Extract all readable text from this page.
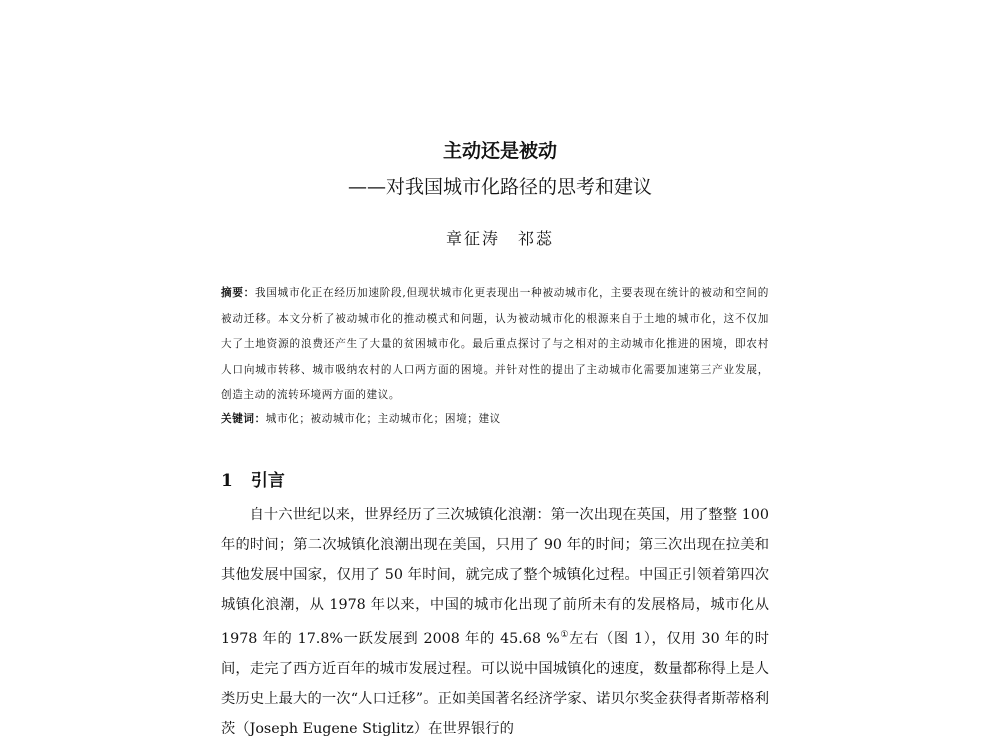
主动还是被动
——对我国城市化路径的思考和建议
章征涛　祁蕊
摘要：我国城市化正在经历加速阶段,但现状城市化更表现出一种被动城市化，主要表现在统计的被动和空间的被动迁移。本文分析了被动城市化的推动模式和问题，认为被动城市化的根源来自于土地的城市化，这不仅加大了土地资源的浪费还产生了大量的贫困城市化。最后重点探讨了与之相对的主动城市化推进的困境，即农村人口向城市转移、城市吸纳农村的人口两方面的困境。并针对性的提出了主动城市化需要加速第三产业发展，创造主动的流转环境两方面的建议。
关键词：城市化；被动城市化；主动城市化；困境；建议
1 引言
自十六世纪以来，世界经历了三次城镇化浪潮：第一次出现在英国，用了整整 100 年的时间；第二次城镇化浪潮出现在美国，只用了 90 年的时间；第三次出现在拉美和其他发展中国家，仅用了 50 年时间，就完成了整个城镇化过程。中国正引领着第四次城镇化浪潮，从 1978 年以来，中国的城市化出现了前所未有的发展格局，城市化从 1978 年的 17.8%一跃发展到 2008 年的 45.68 %①左右（图 1），仅用 30 年的时间，走完了西方近百年的城市发展过程。可以说中国城镇化的速度，数量都称得上是人类历史上最大的一次“人口迁移”。正如美国著名经济学家、诺贝尔奖金获得者斯蒂格利茨（Joseph Eugene Stiglitz）在世界银行的
